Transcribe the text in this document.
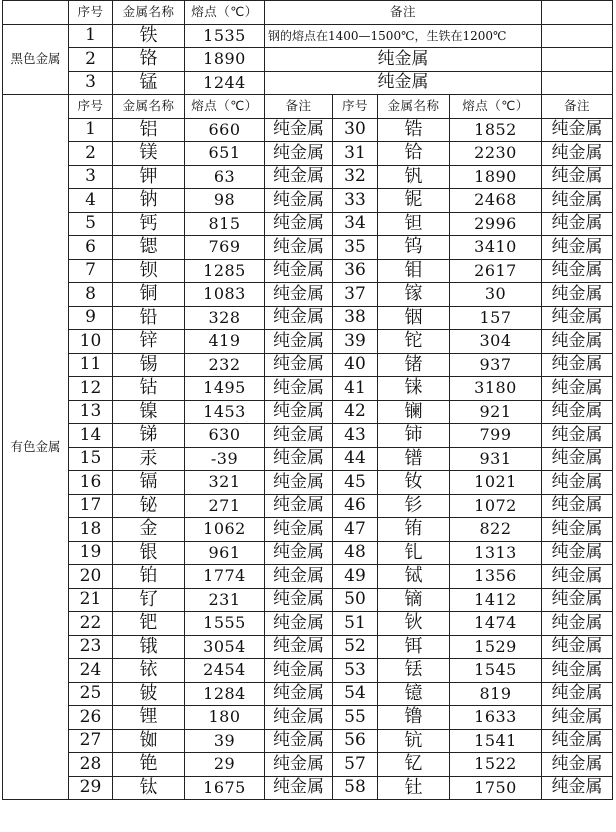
	序号	金属名称	熔点（℃）	备注				
黑色金属	1	铁	1535	钢的熔点在1400—1500℃，生铁在1200℃				
	2	铬	1890	纯金属				
	3	锰	1244	纯金属				
有色金属	序号	金属名称	熔点（℃）	备注	序号	金属名称	熔点（℃）	备注
	1	铝	660	纯金属	30	锆	1852	纯金属
	2	镁	651	纯金属	31	铪	2230	纯金属
	3	钾	63	纯金属	32	钒	1890	纯金属
	4	钠	98	纯金属	33	铌	2468	纯金属
	5	钙	815	纯金属	34	钽	2996	纯金属
	6	锶	769	纯金属	35	钨	3410	纯金属
	7	钡	1285	纯金属	36	钼	2617	纯金属
	8	铜	1083	纯金属	37	镓	30	纯金属
	9	铅	328	纯金属	38	铟	157	纯金属
	10	锌	419	纯金属	39	铊	304	纯金属
	11	锡	232	纯金属	40	锗	937	纯金属
	12	钴	1495	纯金属	41	铼	3180	纯金属
	13	镍	1453	纯金属	42	镧	921	纯金属
	14	锑	630	纯金属	43	铈	799	纯金属
	15	汞	-39	纯金属	44	镨	931	纯金属
	16	镉	321	纯金属	45	钕	1021	纯金属
	17	铋	271	纯金属	46	钐	1072	纯金属
	18	金	1062	纯金属	47	铕	822	纯金属
	19	银	961	纯金属	48	钆	1313	纯金属
	20	铂	1774	纯金属	49	铽	1356	纯金属
	21	钌	231	纯金属	50	镝	1412	纯金属
	22	钯	1555	纯金属	51	钬	1474	纯金属
	23	锇	3054	纯金属	52	铒	1529	纯金属
	24	铱	2454	纯金属	53	铥	1545	纯金属
	25	铍	1284	纯金属	54	镱	819	纯金属
	26	锂	180	纯金属	55	镥	1633	纯金属
	27	铷	39	纯金属	56	钪	1541	纯金属
	28	铯	29	纯金属	57	钇	1522	纯金属
	29	钛	1675	纯金属	58	钍	1750	纯金属
